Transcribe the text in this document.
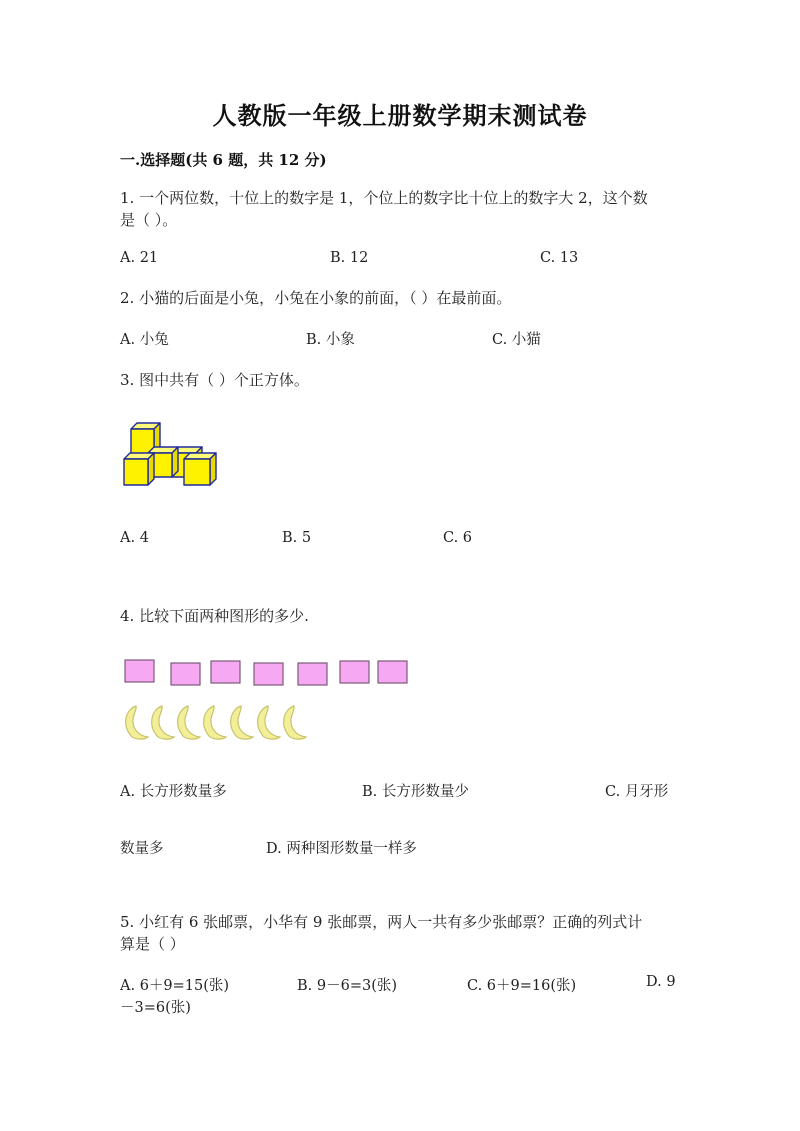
人教版一年级上册数学期末测试卷
一.选择题(共 6 题，共 12 分)
1. 一个两位数，十位上的数字是 1，个位上的数字比十位上的数字大 2，这个数
是（ ）。
A. 21	B. 12	C. 13
2. 小猫的后面是小兔，小兔在小象的前面，（ ）在最前面。
A. 小兔	B. 小象	C. 小猫
3. 图中共有（ ）个正方体。
A. 4	B. 5	C. 6
4. 比较下面两种图形的多少.
A. 长方形数量多	B. 长方形数量少	C. 月牙形
数量多	D. 两种图形数量一样多
5. 小红有 6 张邮票，小华有 9 张邮票，两人一共有多少张邮票？正确的列式计
算是（ ）
A. 6＋9=15(张)	B. 9－6=3(张)	C. 6＋9=16(张)	D. 9
－3=6(张)
